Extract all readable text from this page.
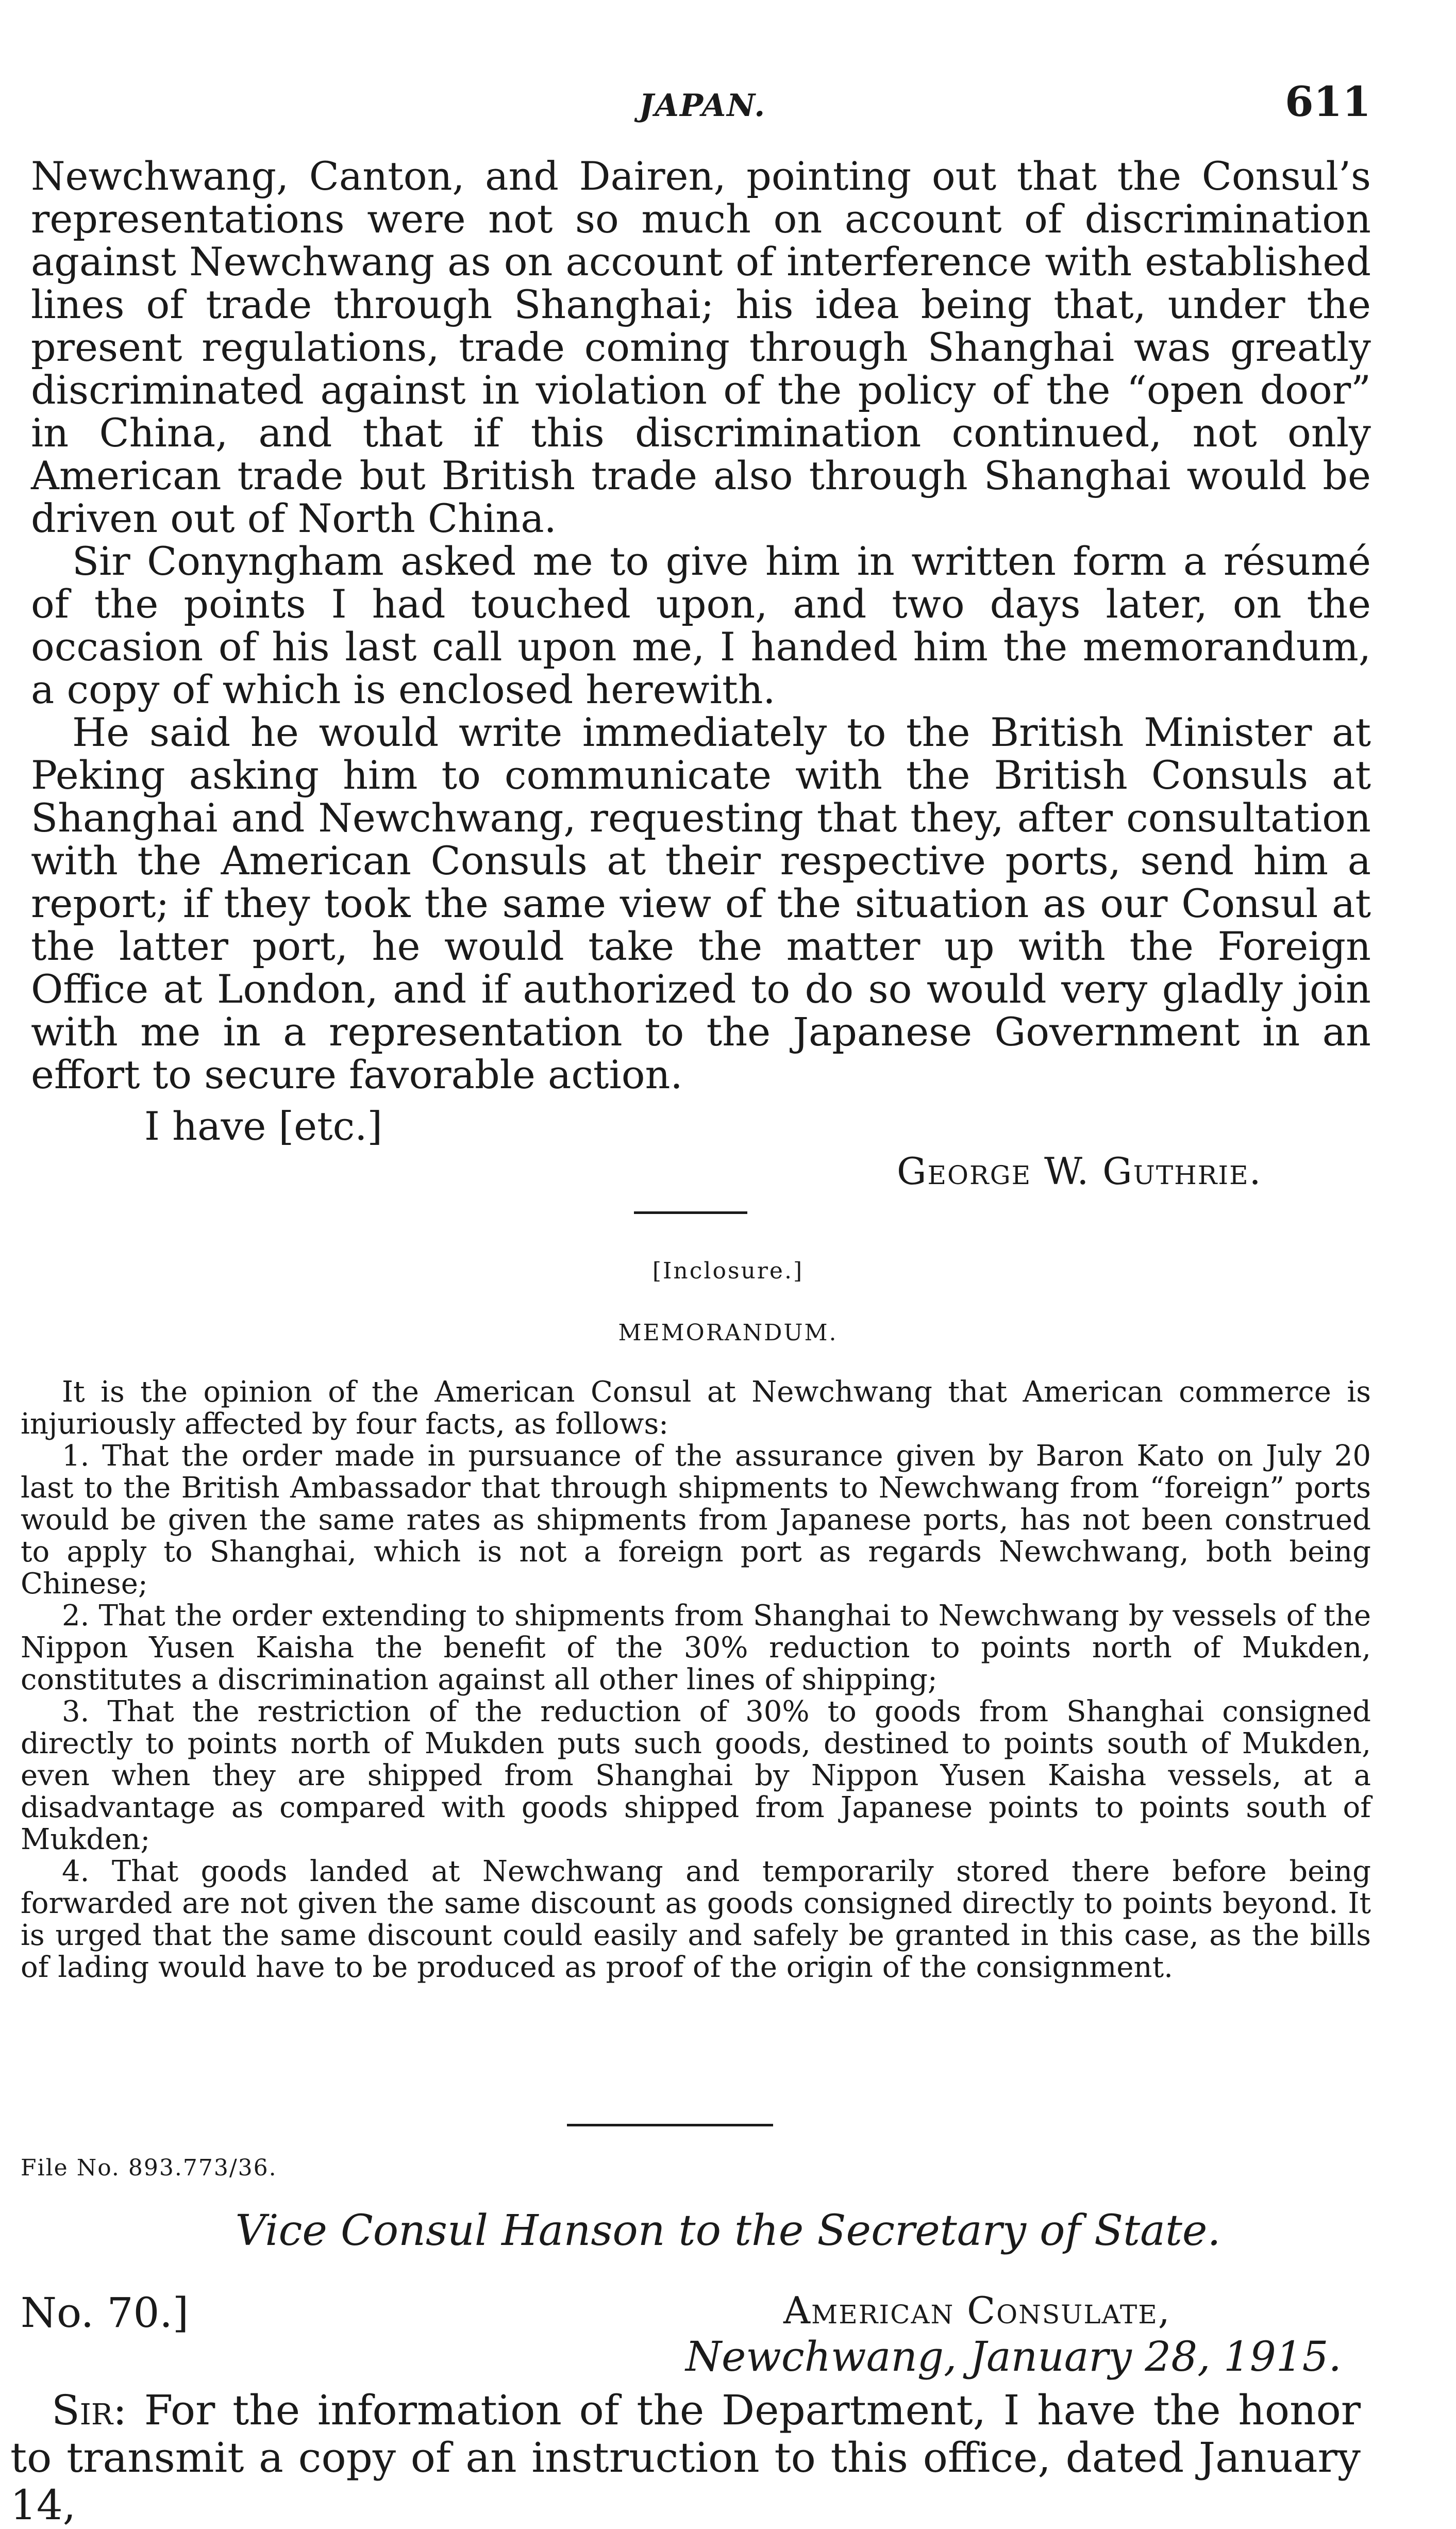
JAPAN.	611

Newchwang, Canton, and Dairen, pointing out that the Consul’s representations were not so much on account of discrimination against Newchwang as on account of interference with established lines of trade through Shanghai; his idea being that, under the present regulations, trade coming through Shanghai was greatly discriminated against in violation of the policy of the “open door” in China, and that if this discrimination continued, not only American trade but British trade also through Shanghai would be driven out of North China.

Sir Conyngham asked me to give him in written form a résumé of the points I had touched upon, and two days later, on the occasion of his last call upon me, I handed him the memorandum, a copy of which is enclosed herewith.

He said he would write immediately to the British Minister at Peking asking him to communicate with the British Consuls at Shanghai and Newchwang, requesting that they, after consultation with the American Consuls at their respective ports, send him a report; if they took the same view of the situation as our Consul at the latter port, he would take the matter up with the Foreign Office at London, and if authorized to do so would very gladly join with me in a representation to the Japanese Government in an effort to secure favorable action.

I have [etc.]
George W. Guthrie.
[Inclosure.]
MEMORANDUM.

It is the opinion of the American Consul at Newchwang that American commerce is injuriously affected by four facts, as follows:

1. That the order made in pursuance of the assurance given by Baron Kato on July 20 last to the British Ambassador that through shipments to Newchwang from “foreign” ports would be given the same rates as shipments from Japanese ports, has not been construed to apply to Shanghai, which is not a foreign port as regards Newchwang, both being Chinese;

2. That the order extending to shipments from Shanghai to Newchwang by vessels of the Nippon Yusen Kaisha the benefit of the 30% reduction to points north of Mukden, constitutes a discrimination against all other lines of shipping;

3. That the restriction of the reduction of 30% to goods from Shanghai consigned directly to points north of Mukden puts such goods, destined to points south of Mukden, even when they are shipped from Shanghai by Nippon Yusen Kaisha vessels, at a disadvantage as compared with goods shipped from Japanese points to points south of Mukden;

4. That goods landed at Newchwang and temporarily stored there before being forwarded are not given the same discount as goods consigned directly to points beyond. It is urged that the same discount could easily and safely be granted in this case, as the bills of lading would have to be produced as proof of the origin of the consignment.

File No. 893.773/36.
Vice Consul Hanson to the Secretary of State.
No. 70.]	American Consulate,
Newchwang, January 28, 1915.

Sir: For the information of the Department, I have the honor to transmit a copy of an instruction to this office, dated January 14,
